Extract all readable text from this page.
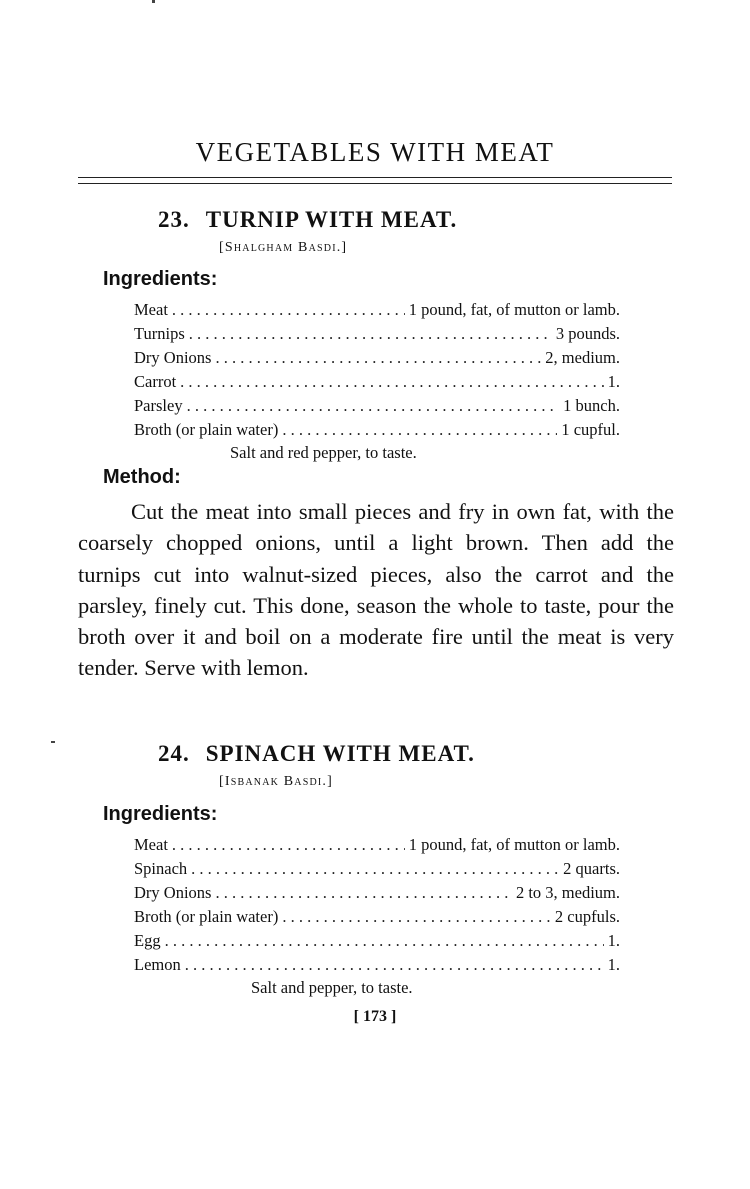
VEGETABLES WITH MEAT
23. TURNIP WITH MEAT.
[Shalgham Basdi.]
Ingredients:
Meat . . .	1 pound, fat, of mutton or lamb.
Turnips . . .	3 pounds.
Dry Onions . . .	2, medium.
Carrot . . .	1.
Parsley . . .	1 bunch.
Broth (or plain water) . . .	1 cupful.
Salt and red pepper, to taste.
Method:
Cut the meat into small pieces and fry in own fat, with the coarsely chopped onions, until a light brown. Then add the turnips cut into walnut-sized pieces, also the carrot and the parsley, finely cut. This done, season the whole to taste, pour the broth over it and boil on a moderate fire until the meat is very tender. Serve with lemon.
24. SPINACH WITH MEAT.
[Isbanak Basdi.]
Ingredients:
Meat . . .	1 pound, fat, of mutton or lamb.
Spinach . . .	2 quarts.
Dry Onions . . .	2 to 3, medium.
Broth (or plain water) . . .	2 cupfuls.
Egg . . .	1.
Lemon . . .	1.
Salt and pepper, to taste.
[ 173 ]
